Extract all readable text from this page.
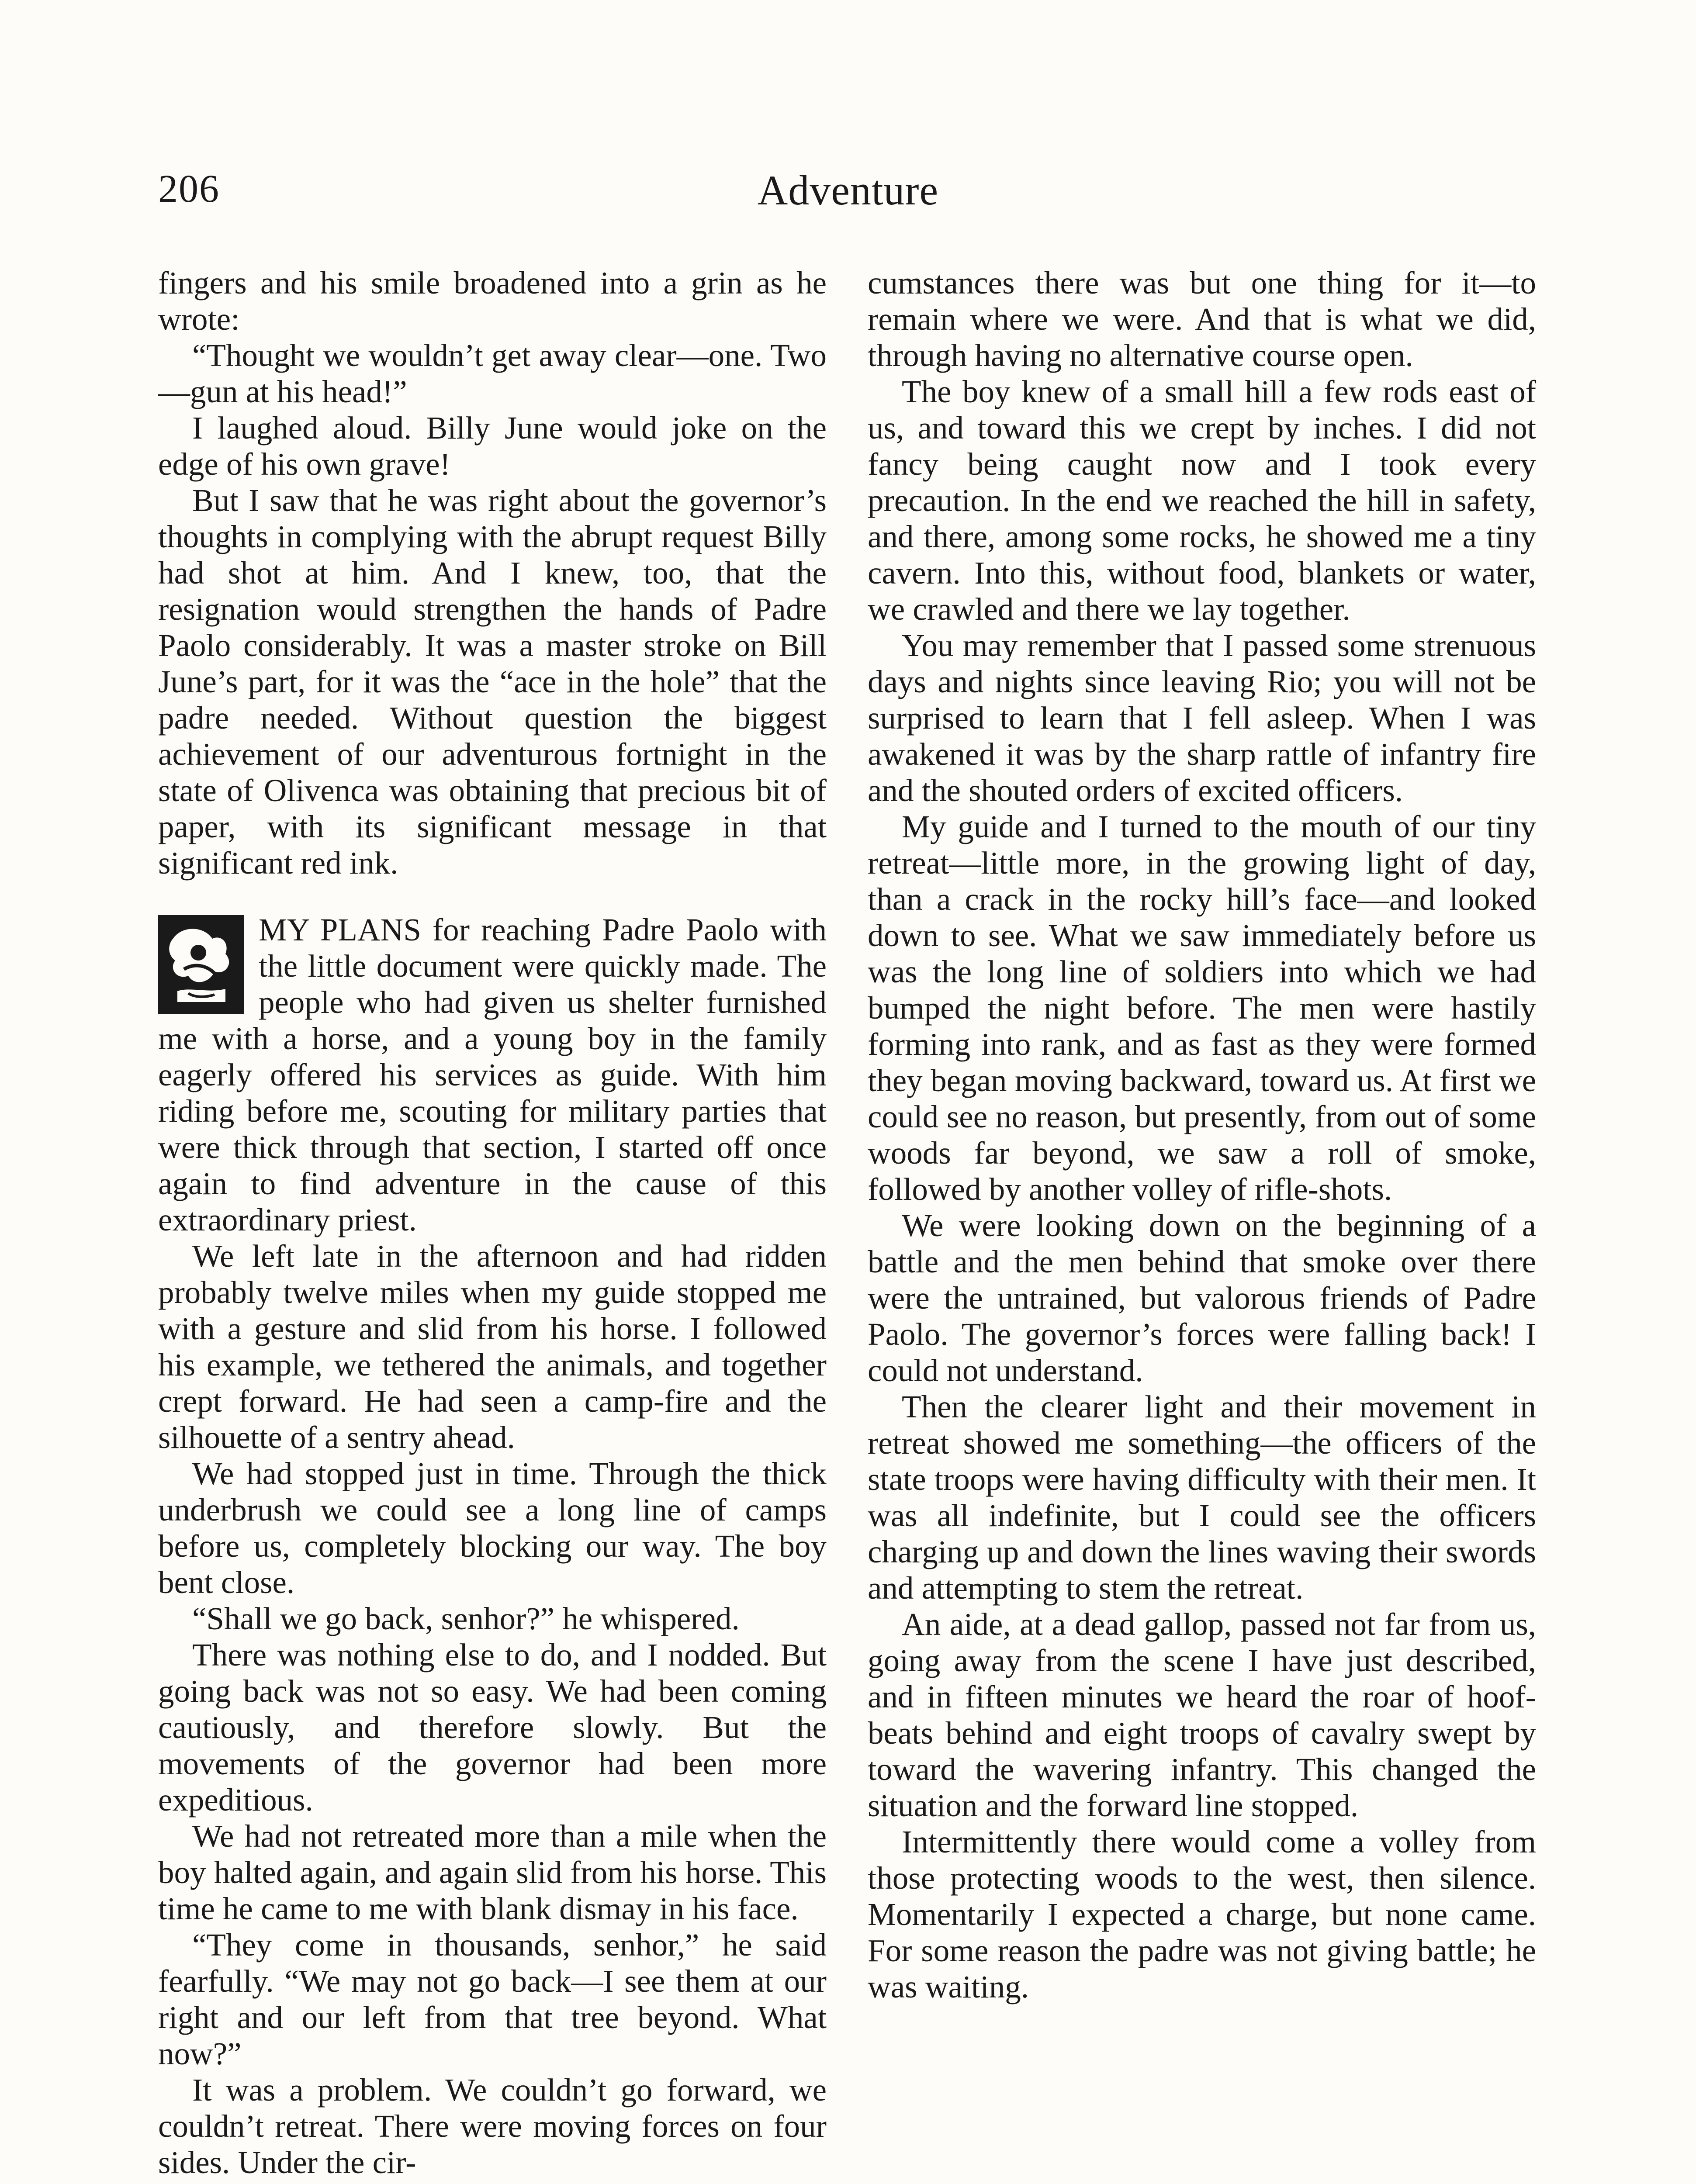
206	Adventure

fingers and his smile broadened into a grin as he wrote:

“Thought we wouldn’t get away clear—one. Two—gun at his head!”

I laughed aloud. Billy June would joke on the edge of his own grave!

But I saw that he was right about the governor’s thoughts in complying with the abrupt request Billy had shot at him. And I knew, too, that the resignation would strengthen the hands of Padre Paolo considerably. It was a master stroke on Bill June’s part, for it was the “ace in the hole” that the padre needed. Without question the biggest achievement of our adventurous fortnight in the state of Olivenca was obtaining that precious bit of paper, with its significant message in that significant red ink.

MY PLANS for reaching Padre Paolo with the little document were quickly made. The people who had given us shelter furnished me with a horse, and a young boy in the family eagerly offered his services as guide. With him riding before me, scouting for military parties that were thick through that section, I started off once again to find adventure in the cause of this extraordinary priest.

We left late in the afternoon and had ridden probably twelve miles when my guide stopped me with a gesture and slid from his horse. I followed his example, we tethered the animals, and together crept forward. He had seen a camp-fire and the silhouette of a sentry ahead.

We had stopped just in time. Through the thick underbrush we could see a long line of camps before us, completely blocking our way. The boy bent close.

“Shall we go back, senhor?” he whispered.

There was nothing else to do, and I nodded. But going back was not so easy. We had been coming cautiously, and therefore slowly. But the movements of the governor had been more expeditious.

We had not retreated more than a mile when the boy halted again, and again slid from his horse. This time he came to me with blank dismay in his face.

“They come in thousands, senhor,” he said fearfully. “We may not go back—I see them at our right and our left from that tree beyond. What now?”

It was a problem. We couldn’t go forward, we couldn’t retreat. There were moving forces on four sides. Under the cir-

cumstances there was but one thing for it—to remain where we were. And that is what we did, through having no alternative course open.

The boy knew of a small hill a few rods east of us, and toward this we crept by inches. I did not fancy being caught now and I took every precaution. In the end we reached the hill in safety, and there, among some rocks, he showed me a tiny cavern. Into this, without food, blankets or water, we crawled and there we lay together.

You may remember that I passed some strenuous days and nights since leaving Rio; you will not be surprised to learn that I fell asleep. When I was awakened it was by the sharp rattle of infantry fire and the shouted orders of excited officers.

My guide and I turned to the mouth of our tiny retreat—little more, in the growing light of day, than a crack in the rocky hill’s face—and looked down to see. What we saw immediately before us was the long line of soldiers into which we had bumped the night before. The men were hastily forming into rank, and as fast as they were formed they began moving backward, toward us. At first we could see no reason, but presently, from out of some woods far beyond, we saw a roll of smoke, followed by another volley of rifle-shots.

We were looking down on the beginning of a battle and the men behind that smoke over there were the untrained, but valorous friends of Padre Paolo. The governor’s forces were falling back! I could not understand.

Then the clearer light and their movement in retreat showed me something—the officers of the state troops were having difficulty with their men. It was all indefinite, but I could see the officers charging up and down the lines waving their swords and attempting to stem the retreat.

An aide, at a dead gallop, passed not far from us, going away from the scene I have just described, and in fifteen minutes we heard the roar of hoof-beats behind and eight troops of cavalry swept by toward the wavering infantry. This changed the situation and the forward line stopped.

Intermittently there would come a volley from those protecting woods to the west, then silence. Momentarily I expected a charge, but none came. For some reason the padre was not giving battle; he was waiting.
